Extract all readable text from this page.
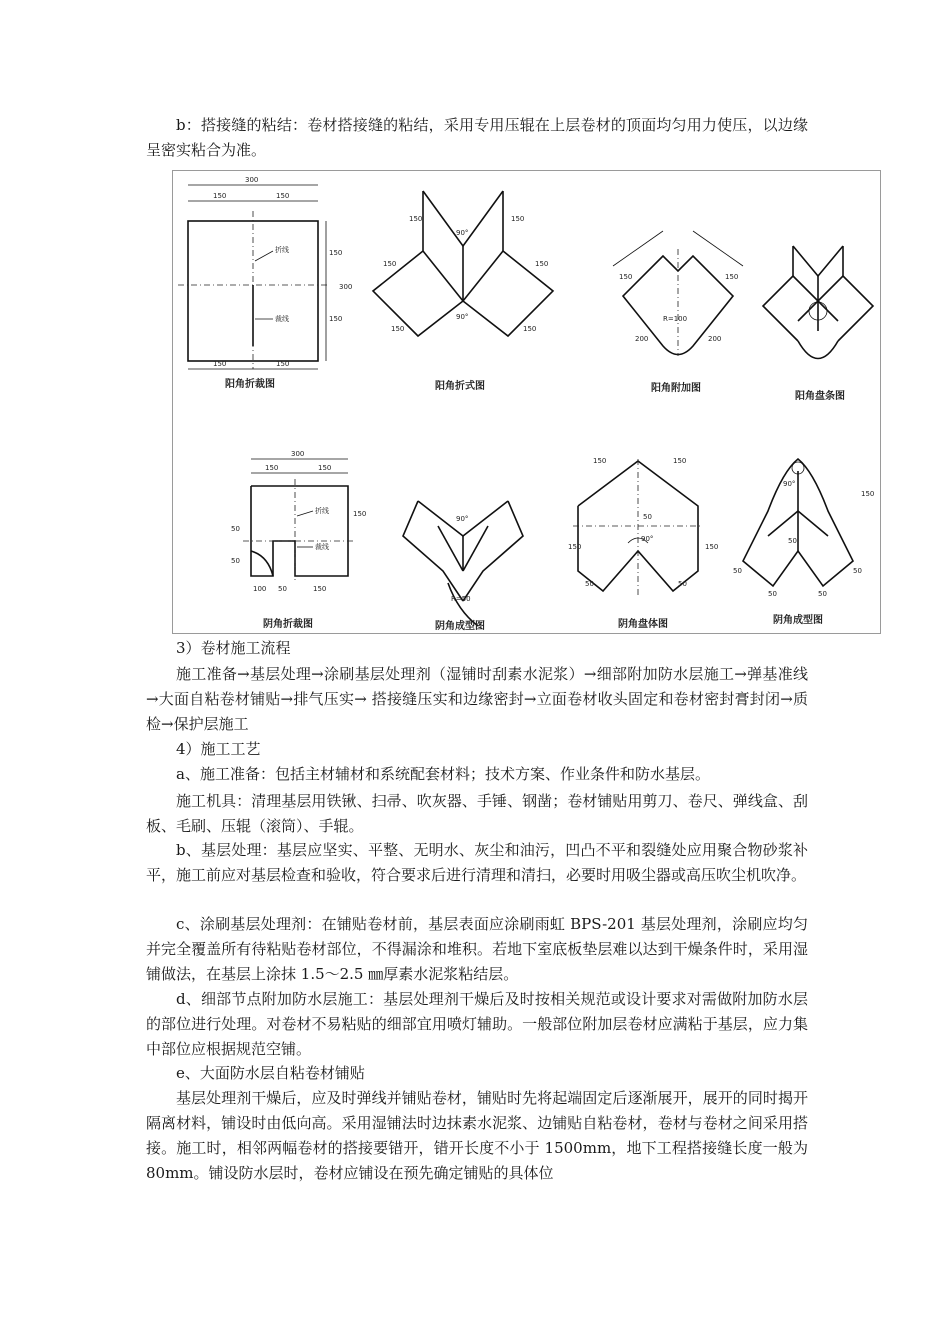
b：搭接缝的粘结：卷材搭接缝的粘结，采用专用压辊在上层卷材的顶面均匀用力使压，以边缘呈密实粘合为准。

300
150	150
折线
裁线
150
150
300
150	150
阳角折裁图
90°
90°
150	150
150	150
150	150
阳角折式图
150	150
R=100
200	200
阳角附加图
阳角盘条图
300
150	150
折线
裁线
50
50
150
100 50	150
阴角折裁图
90°
R=50
阴角成型图
50
90°
150	150
150	150
50	50
阴角盘体图
90°
50
150
50	50
50	50
阴角成型图

3）卷材施工流程

施工准备→基层处理→涂刷基层处理剂（湿铺时刮素水泥浆）→细部附加防水层施工→弹基准线→大面自粘卷材铺贴→排气压实→ 搭接缝压实和边缘密封→立面卷材收头固定和卷材密封膏封闭→质检→保护层施工

4）施工工艺

a、施工准备：包括主材辅材和系统配套材料；技术方案、作业条件和防水基层。

施工机具：清理基层用铁锹、扫帚、吹灰器、手锤、钢凿；卷材铺贴用剪刀、卷尺、弹线盒、刮板、毛刷、压辊（滚筒）、手辊。

b、基层处理：基层应坚实、平整、无明水、灰尘和油污，凹凸不平和裂缝处应用聚合物砂浆补平，施工前应对基层检查和验收，符合要求后进行清理和清扫，必要时用吸尘器或高压吹尘机吹净。

c、涂刷基层处理剂：在铺贴卷材前，基层表面应涂刷雨虹 BPS-201 基层处理剂，涂刷应均匀并完全覆盖所有待粘贴卷材部位，不得漏涂和堆积。若地下室底板垫层难以达到干燥条件时，采用湿铺做法，在基层上涂抹 1.5～2.5 ㎜厚素水泥浆粘结层。

d、细部节点附加防水层施工：基层处理剂干燥后及时按相关规范或设计要求对需做附加防水层的部位进行处理。对卷材不易粘贴的细部宜用喷灯辅助。一般部位附加层卷材应满粘于基层，应力集中部位应根据规范空铺。

e、大面防水层自粘卷材铺贴

基层处理剂干燥后，应及时弹线并铺贴卷材，铺贴时先将起端固定后逐渐展开，展开的同时揭开隔离材料，铺设时由低向高。采用湿铺法时边抹素水泥浆、边铺贴自粘卷材，卷材与卷材之间采用搭接。施工时，相邻两幅卷材的搭接要错开，错开长度不小于 1500mm，地下工程搭接缝长度一般为 80mm。铺设防水层时，卷材应铺设在预先确定铺贴的具体位
